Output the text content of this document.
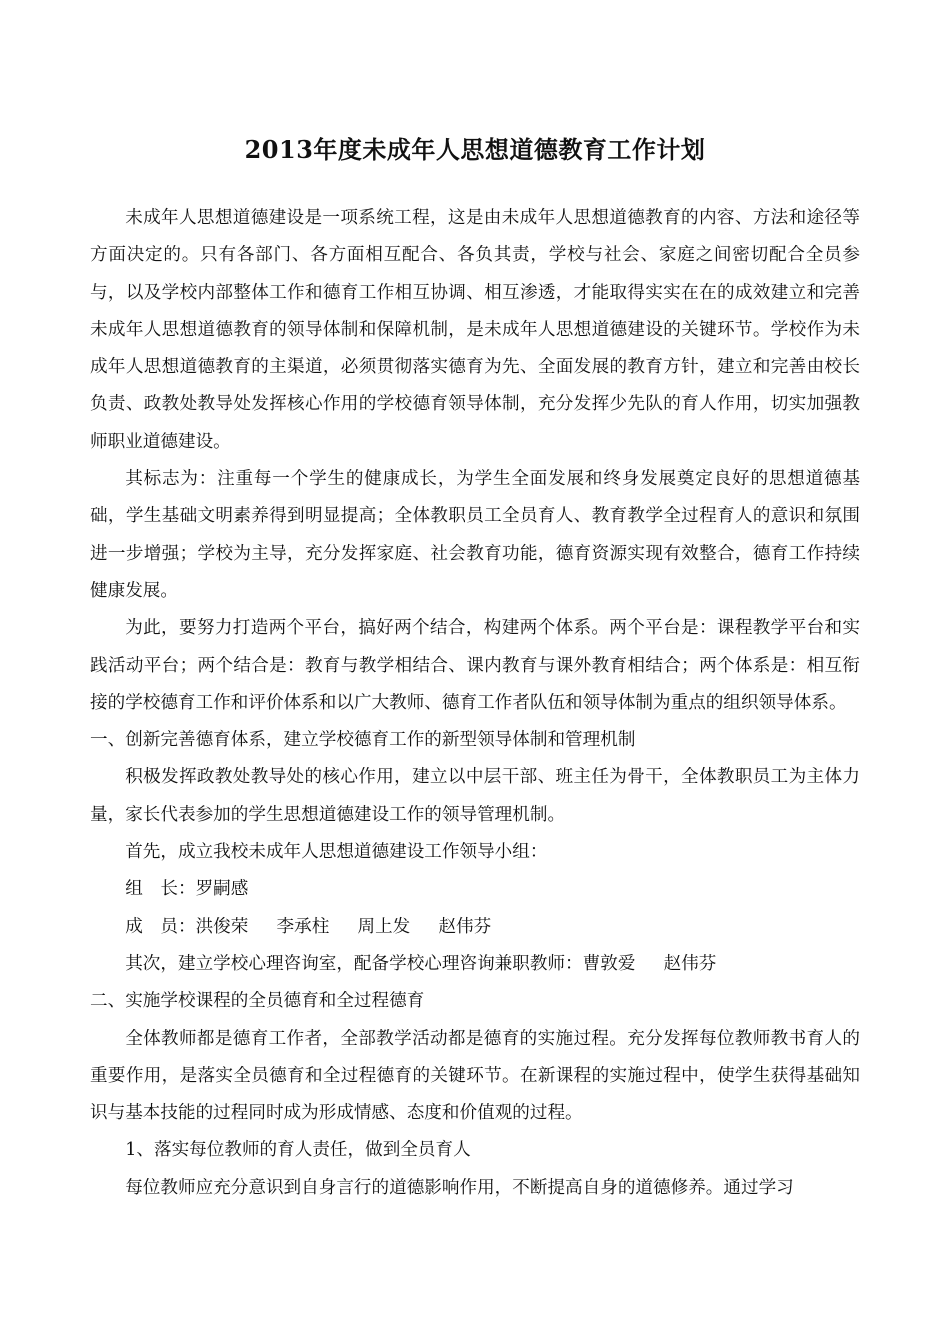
2013年度未成年人思想道德教育工作计划

未成年人思想道德建设是一项系统工程，这是由未成年人思想道德教育的内容、方法和途径等方面决定的。只有各部门、各方面相互配合、各负其责，学校与社会、家庭之间密切配合全员参与，以及学校内部整体工作和德育工作相互协调、相互渗透，才能取得实实在在的成效建立和完善未成年人思想道德教育的领导体制和保障机制，是未成年人思想道德建设的关键环节。学校作为未成年人思想道德教育的主渠道，必须贯彻落实德育为先、全面发展的教育方针，建立和完善由校长负责、政教处教导处发挥核心作用的学校德育领导体制，充分发挥少先队的育人作用，切实加强教师职业道德建设。

其标志为：注重每一个学生的健康成长，为学生全面发展和终身发展奠定良好的思想道德基础，学生基础文明素养得到明显提高；全体教职员工全员育人、教育教学全过程育人的意识和氛围进一步增强；学校为主导，充分发挥家庭、社会教育功能，德育资源实现有效整合，德育工作持续健康发展。

为此，要努力打造两个平台，搞好两个结合，构建两个体系。两个平台是：课程教学平台和实践活动平台；两个结合是：教育与教学相结合、课内教育与课外教育相结合；两个体系是：相互衔接的学校德育工作和评价体系和以广大教师、德育工作者队伍和领导体制为重点的组织领导体系。

一、创新完善德育体系，建立学校德育工作的新型领导体制和管理机制

积极发挥政教处教导处的核心作用，建立以中层干部、班主任为骨干，全体教职员工为主体力量，家长代表参加的学生思想道德建设工作的领导管理机制。

首先，成立我校未成年人思想道德建设工作领导小组：

组　长：罗嗣感

成　员：洪俊荣 李承柱 周上发 赵伟芬

其次，建立学校心理咨询室，配备学校心理咨询兼职教师：曹敦爱 赵伟芬

二、实施学校课程的全员德育和全过程德育

全体教师都是德育工作者，全部教学活动都是德育的实施过程。充分发挥每位教师教书育人的重要作用，是落实全员德育和全过程德育的关键环节。在新课程的实施过程中，使学生获得基础知识与基本技能的过程同时成为形成情感、态度和价值观的过程。

1、落实每位教师的育人责任，做到全员育人

每位教师应充分意识到自身言行的道德影响作用，不断提高自身的道德修养。通过学习
